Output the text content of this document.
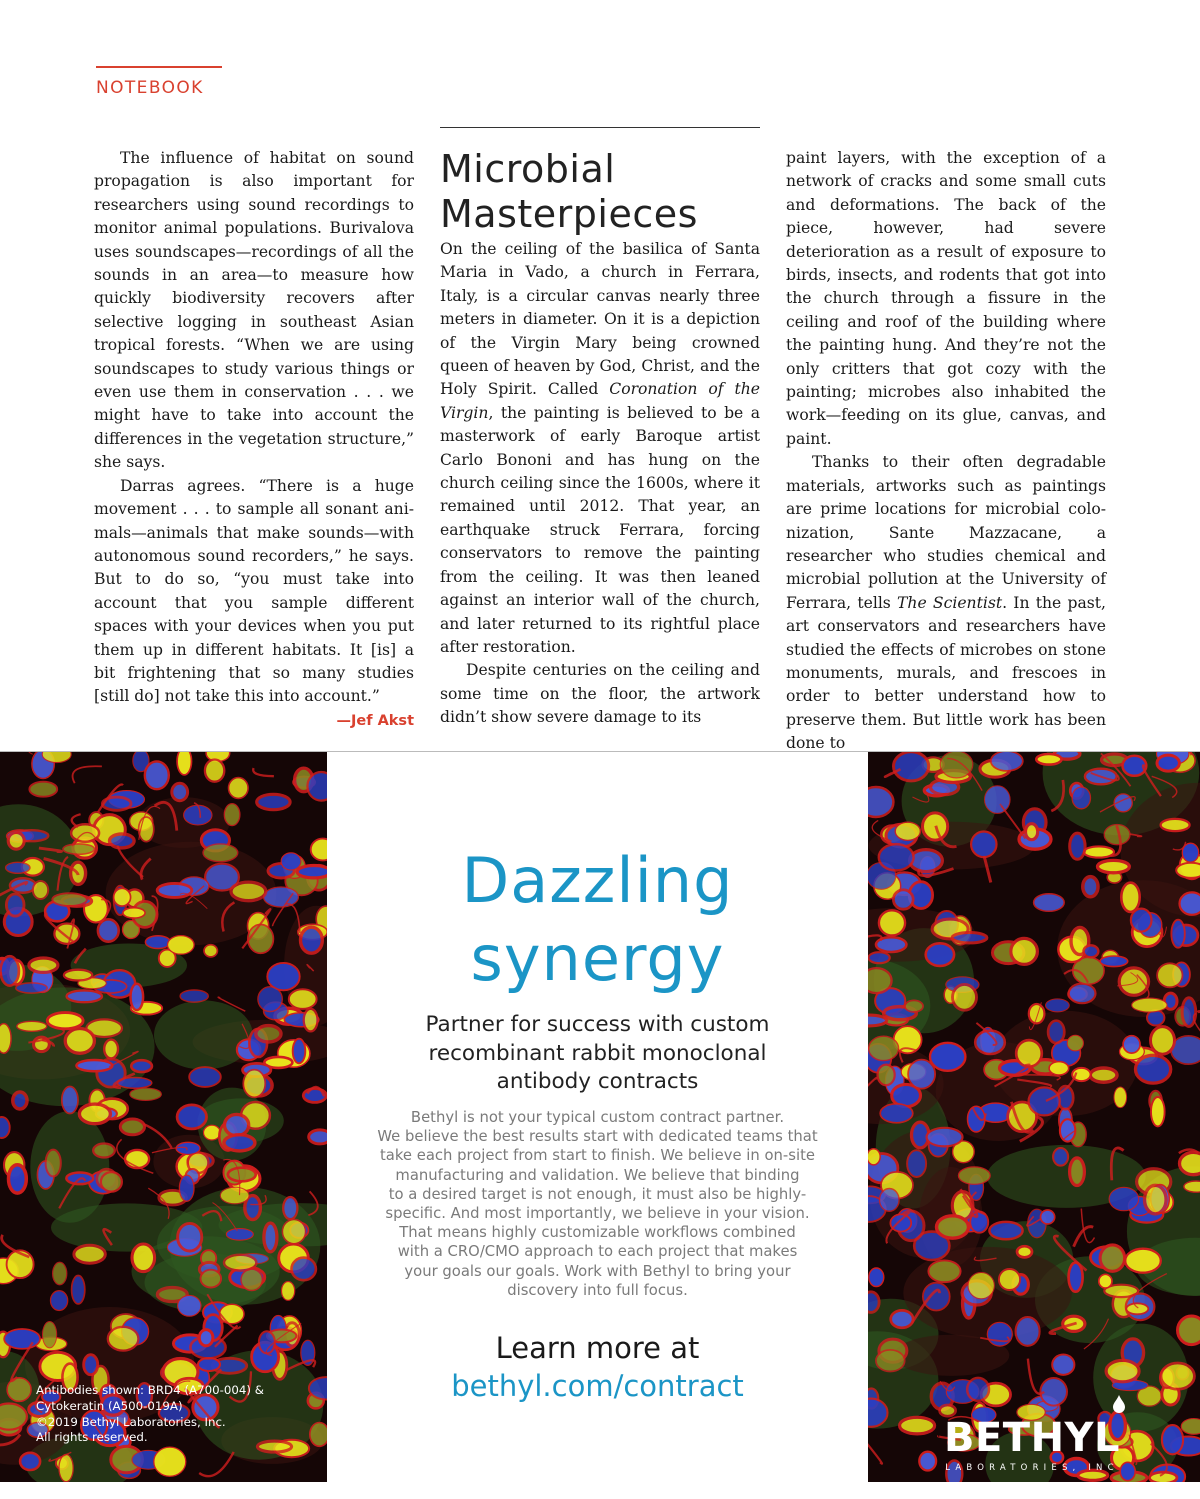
NOTEBOOK

The influence of habitat on sound propagation is also important for researchers using sound recordings to monitor animal populations. Burivalova uses soundscapes—recordings of all the sounds in an area—to measure how quickly biodiversity recovers after selective logging in southeast Asian tropical forests. “When we are using soundscapes to study various things or even use them in conservation . . . we might have to take into account the differences in the vegetation structure,” she says.

Darras agrees. “There is a huge movement . . . to sample all sonant animals—animals that make sounds—with autonomous sound recorders,” he says. But to do so, “you must take into account that you sample different spaces with your devices when you put them up in different habitats. It [is] a bit frightening that so many studies [still do] not take this into account.”

—Jef Akst
Microbial
Masterpieces

On the ceiling of the basilica of Santa Maria in Vado, a church in Ferrara, Italy, is a circular canvas nearly three meters in diameter. On it is a depiction of the Virgin Mary being crowned queen of heaven by God, Christ, and the Holy Spirit. Called Coronation of the Virgin, the painting is believed to be a masterwork of early Baroque artist Carlo Bononi and has hung on the church ceiling since the 1600s, where it remained until 2012. That year, an earthquake struck Ferrara, forcing conservators to remove the painting from the ceiling. It was then leaned against an interior wall of the church, and later returned to its rightful place after restoration.

Despite centuries on the ceiling and some time on the floor, the artwork didn’t show severe damage to its

paint layers, with the exception of a network of cracks and some small cuts and deformations. The back of the piece, however, had severe deterioration as a result of exposure to birds, insects, and rodents that got into the church through a fissure in the ceiling and roof of the building where the painting hung. And they’re not the only critters that got cozy with the painting; microbes also inhabited the work—feeding on its glue, canvas, and paint.

Thanks to their often degradable materials, artworks such as paintings are prime locations for microbial colonization, Sante Mazzacane, a researcher who studies chemical and microbial pollution at the University of Ferrara, tells The Scientist. In the past, art conservators and researchers have studied the effects of microbes on stone monuments, murals, and frescoes in order to better understand how to preserve them. But little work has been done to

Dazzling
synergy
Partner for success with custom
recombinant rabbit monoclonal
antibody contracts
Bethyl is not your typical custom contract partner.
We believe the best results start with dedicated teams that
take each project from start to finish. We believe in on-site
manufacturing and validation. We believe that binding
to a desired target is not enough, it must also be highly-
specific. And most importantly, we believe in your vision.
That means highly customizable workflows combined
with a CRO/CMO approach to each project that makes
your goals our goals. Work with Bethyl to bring your
discovery into full focus.
Learn more at
bethyl.com/contract
Antibodies shown: BRD4 (A700-004) &
Cytokeratin (A500-019A)
©2019 Bethyl Laboratories, Inc.
All rights reserved.	BETHYL
LABORATORIES, INC
Really Good Antibodies
